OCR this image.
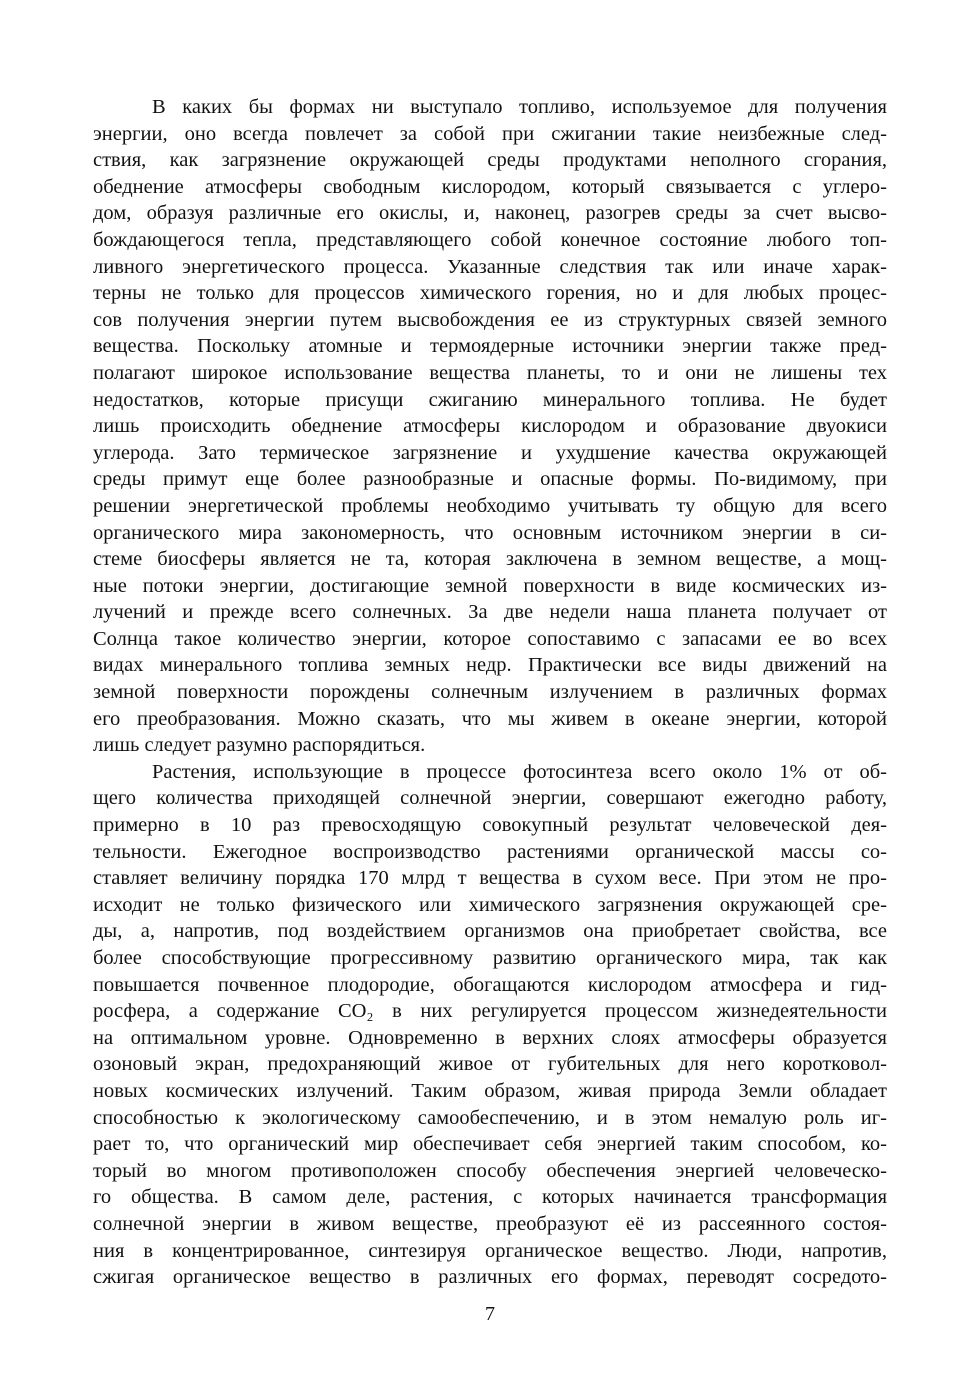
В каких бы формах ни выступало топливо, используемое для получения
энергии, оно всегда повлечет за собой при сжигании такие неизбежные след-
ствия, как загрязнение окружающей среды продуктами неполного сгорания,
обеднение атмосферы свободным кислородом, который связывается с углеро-
дом, образуя различные его окислы, и, наконец, разогрев среды за счет высво-
бождающегося тепла, представляющего собой конечное состояние любого топ-
ливного энергетического процесса. Указанные следствия так или иначе харак-
терны не только для процессов химического горения, но и для любых процес-
сов получения энергии путем высвобождения ее из структурных связей земного
вещества. Поскольку атомные и термоядерные источники энергии также пред-
полагают широкое использование вещества планеты, то и они не лишены тех
недостатков, которые присущи сжиганию минерального топлива. Не будет
лишь происходить обеднение атмосферы кислородом и образование двуокиси
углерода. Зато термическое загрязнение и ухудшение качества окружающей
среды примут еще более разнообразные и опасные формы. По-видимому, при
решении энергетической проблемы необходимо учитывать ту общую для всего
органического мира закономерность, что основным источником энергии в си-
стеме биосферы является не та, которая заключена в земном веществе, а мощ-
ные потоки энергии, достигающие земной поверхности в виде космических из-
лучений и прежде всего солнечных. За две недели наша планета получает от
Солнца такое количество энергии, которое сопоставимо с запасами ее во всех
видах минерального топлива земных недр. Практически все виды движений на
земной поверхности порождены солнечным излучением в различных формах
его преобразования. Можно сказать, что мы живем в океане энергии, которой
лишь следует разумно распорядиться.
Растения, использующие в процессе фотосинтеза всего около 1% от об-
щего количества приходящей солнечной энергии, совершают ежегодно работу,
примерно в 10 раз превосходящую совокупный результат человеческой дея-
тельности. Ежегодное воспроизводство растениями органической массы со-
ставляет величину порядка 170 млрд т вещества в сухом весе. При этом не про-
исходит не только физического или химического загрязнения окружающей сре-
ды, а, напротив, под воздействием организмов она приобретает свойства, все
более способствующие прогрессивному развитию органического мира, так как
повышается почвенное плодородие, обогащаются кислородом атмосфера и гид-
росфера, а содержание CO₂ в них регулируется процессом жизнедеятельности
на оптимальном уровне. Одновременно в верхних слоях атмосферы образуется
озоновый экран, предохраняющий живое от губительных для него коротковол-
новых космических излучений. Таким образом, живая природа Земли обладает
способностью к экологическому самообеспечению, и в этом немалую роль иг-
рает то, что органический мир обеспечивает себя энергией таким способом, ко-
торый во многом противоположен способу обеспечения энергией человеческо-
го общества. В самом деле, растения, с которых начинается трансформация
солнечной энергии в живом веществе, преобразуют её из рассеянного состоя-
ния в концентрированное, синтезируя органическое вещество. Люди, напротив,
сжигая органическое вещество в различных его формах, переводят сосредото-
7
